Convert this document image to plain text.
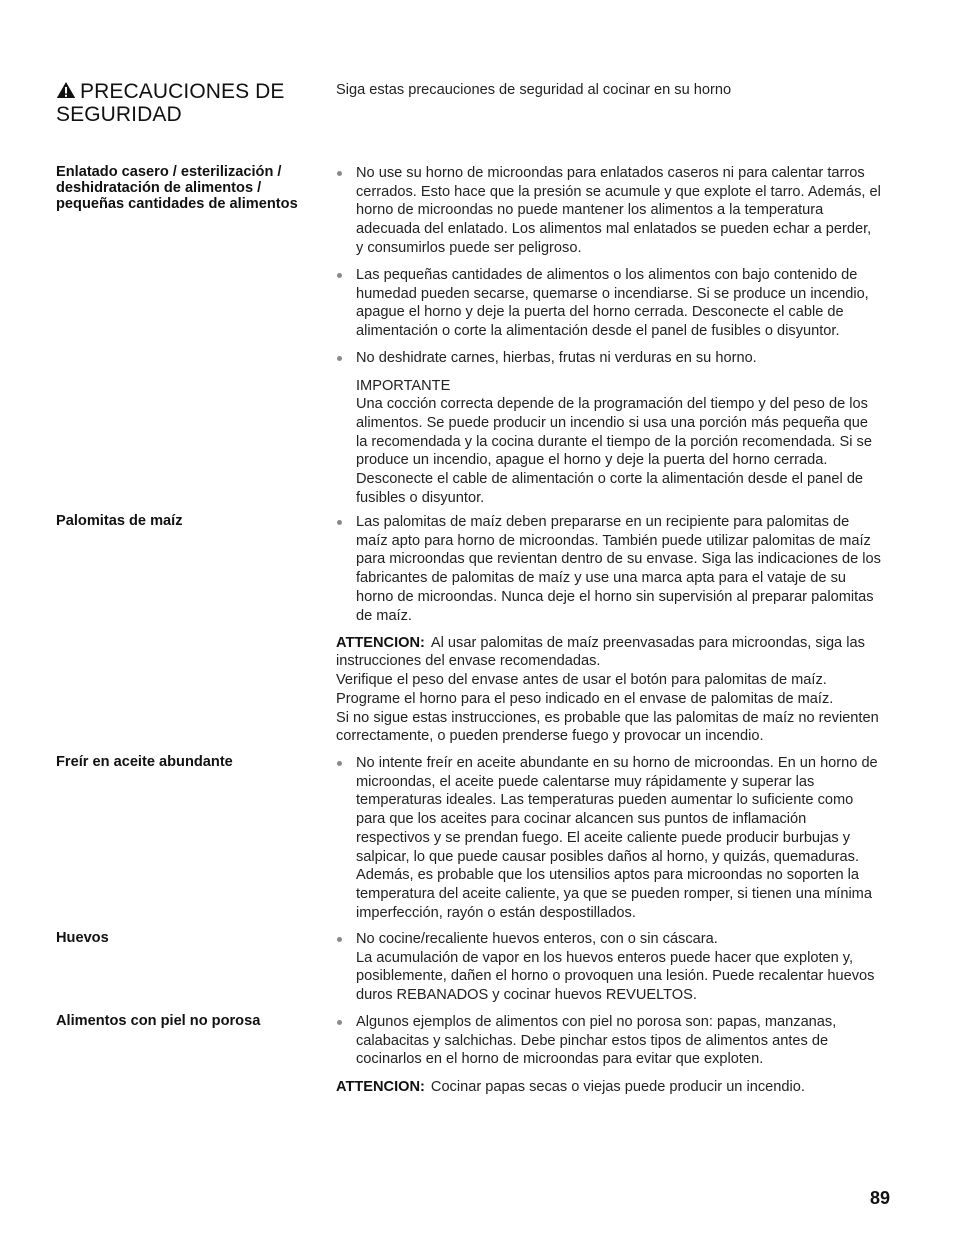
PRECAUCIONES DE
SEGURIDAD
Siga estas precauciones de seguridad al cocinar en su horno
Enlatado casero / esterilización / deshidratación de alimentos / pequeñas cantidades de alimentos
No use su horno de microondas para enlatados caseros ni para calentar tarros
cerrados. Esto hace que la presión se acumule y que explote el tarro. Además, el
horno de microondas no puede mantener los alimentos a la temperatura
adecuada del enlatado. Los alimentos mal enlatados se pueden echar a perder,
y consumirlos puede ser peligroso.
Las pequeñas cantidades de alimentos o los alimentos con bajo contenido de
humedad pueden secarse, quemarse o incendiarse. Si se produce un incendio,
apague el horno y deje la puerta del horno cerrada. Desconecte el cable de
alimentación o corte la alimentación desde el panel de fusibles o disyuntor.
No deshidrate carnes, hierbas, frutas ni verduras en su horno.
IMPORTANTE
Una cocción correcta depende de la programación del tiempo y del peso de los
alimentos. Se puede producir un incendio si usa una porción más pequeña que
la recomendada y la cocina durante el tiempo de la porción recomendada. Si se
produce un incendio, apague el horno y deje la puerta del horno cerrada.
Desconecte el cable de alimentación o corte la alimentación desde el panel de
fusibles o disyuntor.
Palomitas de maíz	Las palomitas de maíz deben prepararse en un recipiente para palomitas de
maíz apto para horno de microondas. También puede utilizar palomitas de maíz
para microondas que revientan dentro de su envase. Siga las indicaciones de los
fabricantes de palomitas de maíz y use una marca apta para el vataje de su
horno de microondas. Nunca deje el horno sin supervisión al preparar palomitas
de maíz.
ATTENCION: Al usar palomitas de maíz preenvasadas para microondas, siga las
instrucciones del envase recomendadas.
Verifique el peso del envase antes de usar el botón para palomitas de maíz.
Programe el horno para el peso indicado en el envase de palomitas de maíz.
Si no sigue estas instrucciones, es probable que las palomitas de maíz no revienten
correctamente, o pueden prenderse fuego y provocar un incendio.
Freír en aceite abundante	No intente freír en aceite abundante en su horno de microondas. En un horno de
microondas, el aceite puede calentarse muy rápidamente y superar las
temperaturas ideales. Las temperaturas pueden aumentar lo suficiente como
para que los aceites para cocinar alcancen sus puntos de inflamación
respectivos y se prendan fuego. El aceite caliente puede producir burbujas y
salpicar, lo que puede causar posibles daños al horno, y quizás, quemaduras.
Además, es probable que los utensilios aptos para microondas no soporten la
temperatura del aceite caliente, ya que se pueden romper, si tienen una mínima
imperfección, rayón o están despostillados.
Huevos	No cocine/recaliente huevos enteros, con o sin cáscara.
La acumulación de vapor en los huevos enteros puede hacer que exploten y,
posiblemente, dañen el horno o provoquen una lesión. Puede recalentar huevos
duros REBANADOS y cocinar huevos REVUELTOS.
Alimentos con piel no porosa	Algunos ejemplos de alimentos con piel no porosa son: papas, manzanas,
calabacitas y salchichas. Debe pinchar estos tipos de alimentos antes de
cocinarlos en el horno de microondas para evitar que exploten.
ATTENCION: Cocinar papas secas o viejas puede producir un incendio.
89
